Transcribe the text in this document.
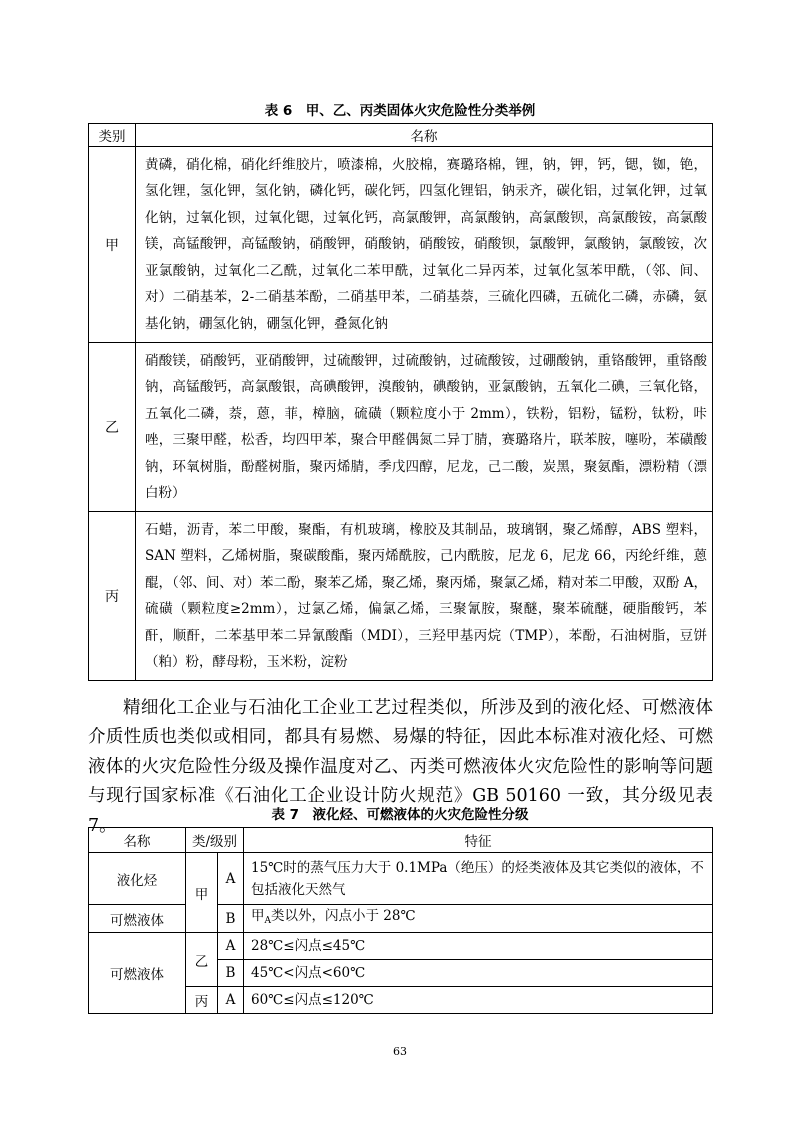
表 6　甲、乙、丙类固体火灾危险性分类举例
类别	名称
甲	黄磷，硝化棉，硝化纤维胶片，喷漆棉，火胶棉，赛璐珞棉，锂，钠，钾，钙，锶，铷，铯，氢化锂，氢化钾，氢化钠，磷化钙，碳化钙，四氢化锂铝，钠汞齐，碳化铝，过氧化钾，过氧化钠，过氧化钡，过氧化锶，过氧化钙，高氯酸钾，高氯酸钠，高氯酸钡，高氯酸铵，高氯酸镁，高锰酸钾，高锰酸钠，硝酸钾，硝酸钠，硝酸铵，硝酸钡，氯酸钾，氯酸钠，氯酸铵，次亚氯酸钠，过氧化二乙酰，过氧化二苯甲酰，过氧化二异丙苯，过氧化氢苯甲酰，（邻、间、对）二硝基苯，2-二硝基苯酚，二硝基甲苯，二硝基萘，三硫化四磷，五硫化二磷，赤磷，氨基化钠，硼氢化钠，硼氢化钾，叠氮化钠
乙	硝酸镁，硝酸钙，亚硝酸钾，过硫酸钾，过硫酸钠，过硫酸铵，过硼酸钠，重铬酸钾，重铬酸钠，高锰酸钙，高氯酸银，高碘酸钾，溴酸钠，碘酸钠，亚氯酸钠，五氧化二碘，三氧化铬，五氧化二磷，萘，蒽，菲，樟脑，硫磺（颗粒度小于 2mm），铁粉，铝粉，锰粉，钛粉，咔唑，三聚甲醛，松香，均四甲苯，聚合甲醛偶氮二异丁腈，赛璐珞片，联苯胺，噻吩，苯磺酸钠，环氧树脂，酚醛树脂，聚丙烯腈，季戊四醇，尼龙，己二酸，炭黑，聚氨酯，漂粉精（漂白粉）
丙	石蜡，沥青，苯二甲酸，聚酯，有机玻璃，橡胶及其制品，玻璃钢，聚乙烯醇，ABS 塑料，SAN 塑料，乙烯树脂，聚碳酸酯，聚丙烯酰胺，己内酰胺，尼龙 6，尼龙 66，丙纶纤维，蒽醌，（邻、间、对）苯二酚，聚苯乙烯，聚乙烯，聚丙烯，聚氯乙烯，精对苯二甲酸，双酚 A，硫磺（颗粒度≥2mm），过氯乙烯，偏氯乙烯，三聚氰胺，聚醚，聚苯硫醚，硬脂酸钙，苯酐，顺酐，二苯基甲苯二异氰酸酯（MDI），三羟甲基丙烷（TMP），苯酚，石油树脂，豆饼（粕）粉，酵母粉，玉米粉，淀粉

精细化工企业与石油化工企业工艺过程类似，所涉及到的液化烃、可燃液体介质性质也类似或相同，都具有易燃、易爆的特征，因此本标准对液化烃、可燃液体的火灾危险性分级及操作温度对乙、丙类可燃液体火灾危险性的影响等问题与现行国家标准《石油化工企业设计防火规范》GB 50160 一致，其分级见表 7。

表 7　液化烃、可燃液体的火灾危险性分级
名称	类/级别		特征
液化烃	甲	A	15℃时的蒸气压力大于 0.1MPa（绝压）的烃类液体及其它类似的液体，不包括液化天然气
可燃液体		B	甲$_A$类以外，闪点小于 28℃
可燃液体	乙	A	28℃≤闪点≤45℃
		B	45℃<闪点<60℃
	丙	A	60℃≤闪点≤120℃
63
